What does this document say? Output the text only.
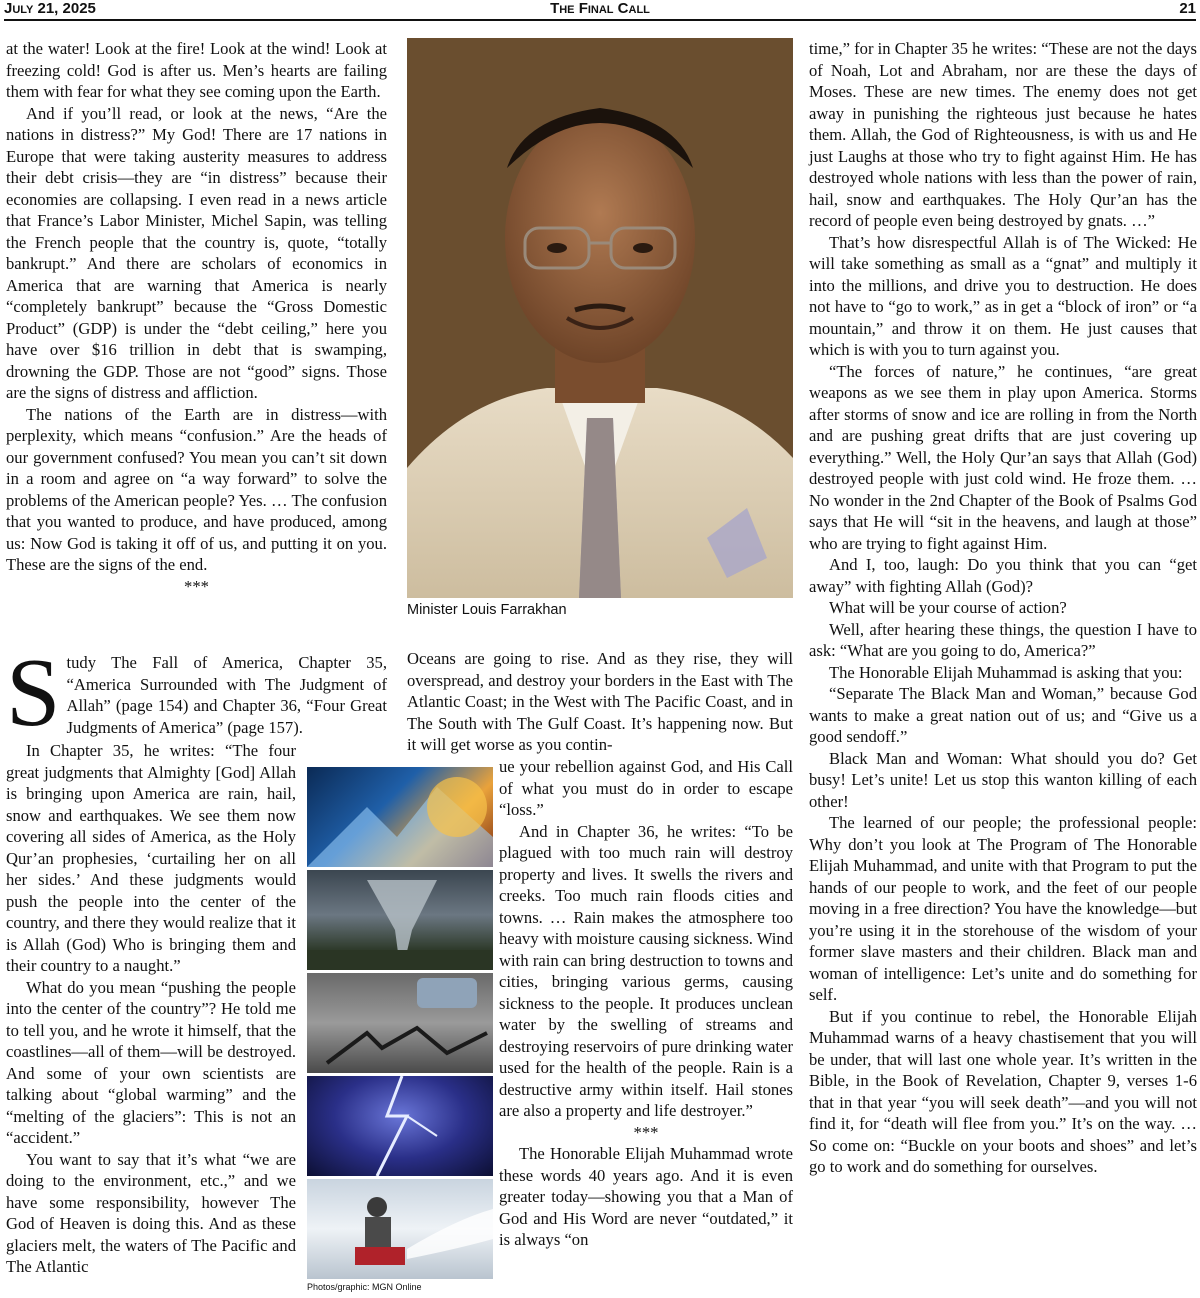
July 21, 2025	The Final Call	21

at the water! Look at the fire! Look at the wind! Look at freezing cold! God is after us. Men’s hearts are failing them with fear for what they see coming upon the Earth.

And if you’ll read, or look at the news, “Are the nations in distress?” My God! There are 17 nations in Europe that were taking austerity measures to address their debt crisis—they are “in distress” because their economies are collapsing. I even read in a news article that France’s Labor Minister, Michel Sapin, was telling the French people that the country is, quote, “totally bankrupt.” And there are scholars of economics in America that are warning that America is nearly “completely bankrupt” because the “Gross Domestic Product” (GDP) is under the “debt ceiling,” here you have over $16 trillion in debt that is swamping, drowning the GDP. Those are not “good” signs. Those are the signs of distress and affliction.

The nations of the Earth are in distress—with perplexity, which means “confusion.” Are the heads of our government confused? You mean you can’t sit down in a room and agree on “a way forward” to solve the problems of the American people? Yes. … The confusion that you wanted to produce, and have produced, among us: Now God is taking it off of us, and putting it on you. These are the signs of the end.

***

Study The Fall of America, Chapter 35, “America Surrounded with The Judgment of Allah” (page 154) and Chapter 36, “Four Great Judgments of America” (page 157).

In Chapter 35, he writes: “The four great judgments that Almighty [God] Allah is bringing upon America are rain, hail, snow and earthquakes. We see them now covering all sides of America, as the Holy Qur’an prophesies, ‘curtailing her on all her sides.’ And these judgments would push the people into the center of the country, and there they would realize that it is Allah (God) Who is bringing them and their country to a naught.”

What do you mean “pushing the people into the center of the country”? He told me to tell you, and he wrote it himself, that the coastlines—all of them—will be destroyed. And some of your own scientists are talking about “global warming” and the “melting of the glaciers”: This is not an “accident.”

You want to say that it’s what “we are doing to the environment, etc.,” and we have some responsibility, however The God of Heaven is doing this. And as these glaciers melt, the waters of The Pacific and The Atlantic

Minister Louis Farrakhan

Oceans are going to rise. And as they rise, they will overspread, and destroy your borders in the East with The Atlantic Coast; in the West with The Pacific Coast, and in The South with The Gulf Coast. It’s happening now. But it will get worse as you contin-

ue your rebellion against God, and His Call of what you must do in order to escape “loss.”

And in Chapter 36, he writes: “To be plagued with too much rain will destroy property and lives. It swells the rivers and creeks. Too much rain floods cities and towns. … Rain makes the atmosphere too heavy with moisture causing sickness. Wind with rain can bring destruction to towns and cities, bringing various germs, causing sickness to the people. It produces unclean water by the swelling of streams and destroying reservoirs of pure drinking water used for the health of the people. Rain is a destructive army within itself. Hail stones are also a property and life destroyer.”

***

The Honorable Elijah Muhammad wrote these words 40 years ago. And it is even greater today—showing you that a Man of God and His Word are never “outdated,” it is always “on

Photos/graphic: MGN Online

time,” for in Chapter 35 he writes: “These are not the days of Noah, Lot and Abraham, nor are these the days of Moses. These are new times. The enemy does not get away in punishing the righteous just because he hates them. Allah, the God of Righteousness, is with us and He just Laughs at those who try to fight against Him. He has destroyed whole nations with less than the power of rain, hail, snow and earthquakes. The Holy Qur’an has the record of people even being destroyed by gnats. …”

That’s how disrespectful Allah is of The Wicked: He will take something as small as a “gnat” and multiply it into the millions, and drive you to destruction. He does not have to “go to work,” as in get a “block of iron” or “a mountain,” and throw it on them. He just causes that which is with you to turn against you.

“The forces of nature,” he continues, “are great weapons as we see them in play upon America. Storms after storms of snow and ice are rolling in from the North and are pushing great drifts that are just covering up everything.” Well, the Holy Qur’an says that Allah (God) destroyed people with just cold wind. He froze them. … No wonder in the 2nd Chapter of the Book of Psalms God says that He will “sit in the heavens, and laugh at those” who are trying to fight against Him.

And I, too, laugh: Do you think that you can “get away” with fighting Allah (God)?

What will be your course of action?

Well, after hearing these things, the question I have to ask: “What are you going to do, America?”

The Honorable Elijah Muhammad is asking that you:

“Separate The Black Man and Woman,” because God wants to make a great nation out of us; and “Give us a good sendoff.”

Black Man and Woman: What should you do? Get busy! Let’s unite! Let us stop this wanton killing of each other!

The learned of our people; the professional people: Why don’t you look at The Program of The Honorable Elijah Muhammad, and unite with that Program to put the hands of our people to work, and the feet of our people moving in a free direction? You have the knowledge—but you’re using it in the storehouse of the wisdom of your former slave masters and their children. Black man and woman of intelligence: Let’s unite and do something for self.

But if you continue to rebel, the Honorable Elijah Muhammad warns of a heavy chastisement that you will be under, that will last one whole year. It’s written in the Bible, in the Book of Revelation, Chapter 9, verses 1-6 that in that year “you will seek death”—and you will not find it, for “death will flee from you.” It’s on the way. … So come on: “Buckle on your boots and shoes” and let’s go to work and do something for ourselves.
